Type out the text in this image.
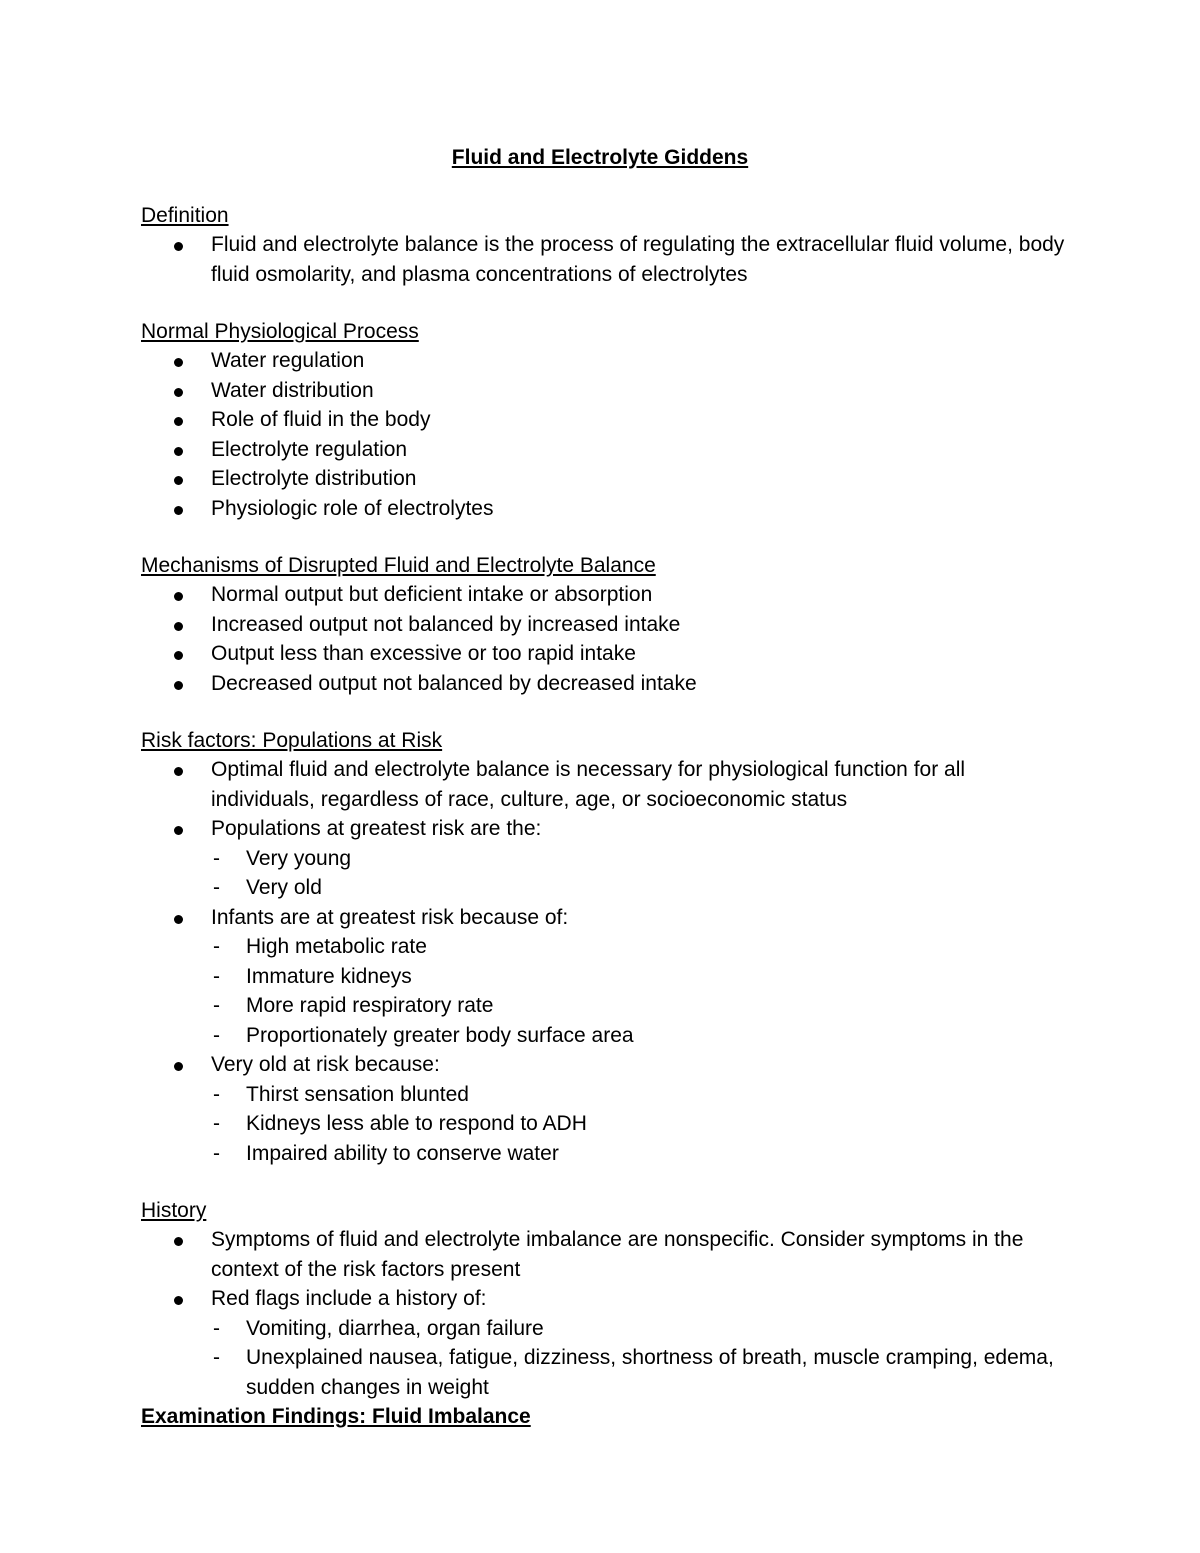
Fluid and Electrolyte Giddens
Definition
Fluid and electrolyte balance is the process of regulating the extracellular fluid volume, body fluid osmolarity, and plasma concentrations of electrolytes
Normal Physiological Process
Water regulation
Water distribution
Role of fluid in the body
Electrolyte regulation
Electrolyte distribution
Physiologic role of electrolytes
Mechanisms of Disrupted Fluid and Electrolyte Balance
Normal output but deficient intake or absorption
Increased output not balanced by increased intake
Output less than excessive or too rapid intake
Decreased output not balanced by decreased intake
Risk factors: Populations at Risk
Optimal fluid and electrolyte balance is necessary for physiological function for all individuals, regardless of race, culture, age, or socioeconomic status
Populations at greatest risk are the:
- Very young
- Very old
Infants are at greatest risk because of:
- High metabolic rate
- Immature kidneys
- More rapid respiratory rate
- Proportionately greater body surface area
Very old at risk because:
- Thirst sensation blunted
- Kidneys less able to respond to ADH
- Impaired ability to conserve water
History
Symptoms of fluid and electrolyte imbalance are nonspecific. Consider symptoms in the context of the risk factors present
Red flags include a history of:
- Vomiting, diarrhea, organ failure
- Unexplained nausea, fatigue, dizziness, shortness of breath, muscle cramping, edema, sudden changes in weight
Examination Findings: Fluid Imbalance
